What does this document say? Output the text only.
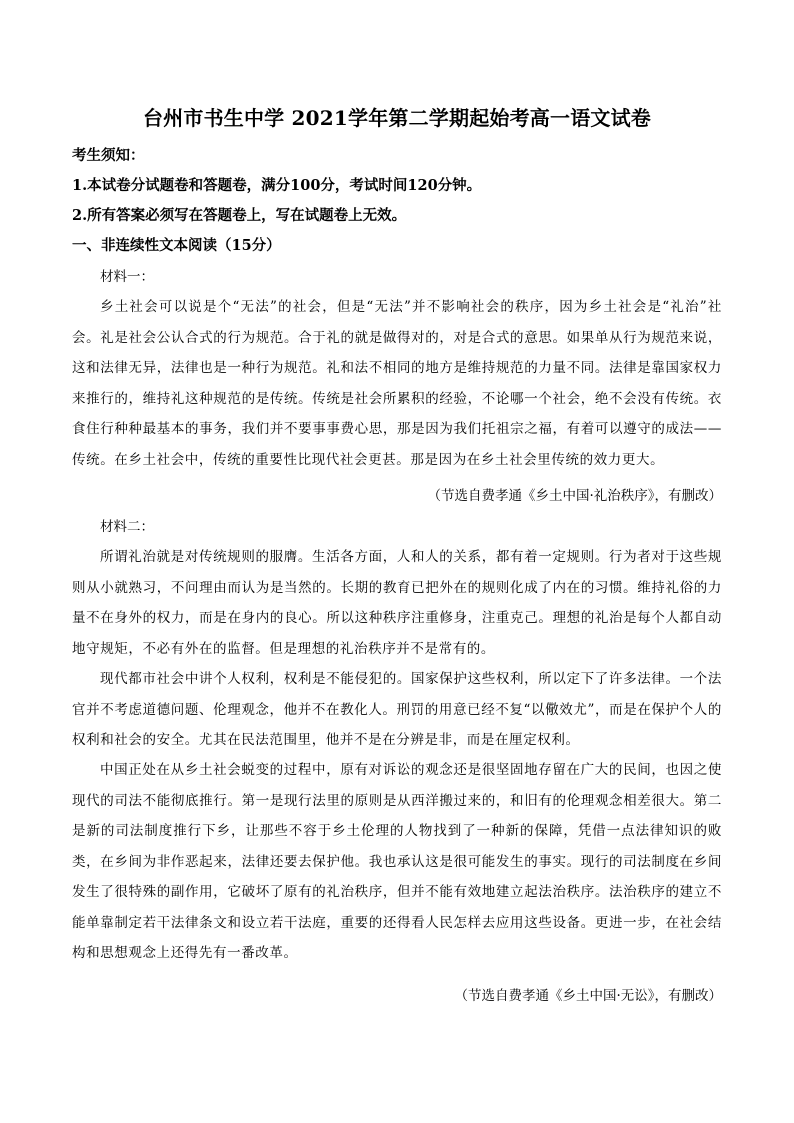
台州市书生中学 2021学年第二学期起始考高一语文试卷
考生须知：
1.本试卷分试题卷和答题卷，满分100分，考试时间120分钟。
2.所有答案必须写在答题卷上，写在试题卷上无效。
一、非连续性文本阅读（15分）
材料一：
乡土社会可以说是个“无法”的社会，但是“无法”并不影响社会的秩序，因为乡土社会是“礼治”社会。礼是社会公认合式的行为规范。合于礼的就是做得对的，对是合式的意思。如果单从行为规范来说，这和法律无异，法律也是一种行为规范。礼和法不相同的地方是维持规范的力量不同。法律是靠国家权力来推行的，维持礼这种规范的是传统。传统是社会所累积的经验，不论哪一个社会，绝不会没有传统。衣食住行种种最基本的事务，我们并不要事事费心思，那是因为我们托祖宗之福，有着可以遵守的成法——传统。在乡土社会中，传统的重要性比现代社会更甚。那是因为在乡土社会里传统的效力更大。
（节选自费孝通《乡土中国·礼治秩序》，有删改）
材料二：
所谓礼治就是对传统规则的服膺。生活各方面，人和人的关系，都有着一定规则。行为者对于这些规则从小就熟习，不问理由而认为是当然的。长期的教育已把外在的规则化成了内在的习惯。维持礼俗的力量不在身外的权力，而是在身内的良心。所以这种秩序注重修身，注重克己。理想的礼治是每个人都自动地守规矩，不必有外在的监督。但是理想的礼治秩序并不是常有的。
现代都市社会中讲个人权利，权利是不能侵犯的。国家保护这些权利，所以定下了许多法律。一个法官并不考虑道德问题、伦理观念，他并不在教化人。刑罚的用意已经不复“以儆效尤”，而是在保护个人的权利和社会的安全。尤其在民法范围里，他并不是在分辨是非，而是在厘定权利。
中国正处在从乡土社会蜕变的过程中，原有对诉讼的观念还是很坚固地存留在广大的民间，也因之使现代的司法不能彻底推行。第一是现行法里的原则是从西洋搬过来的，和旧有的伦理观念相差很大。第二是新的司法制度推行下乡，让那些不容于乡土伦理的人物找到了一种新的保障，凭借一点法律知识的败类，在乡间为非作恶起来，法律还要去保护他。我也承认这是很可能发生的事实。现行的司法制度在乡间发生了很特殊的副作用，它破坏了原有的礼治秩序，但并不能有效地建立起法治秩序。法治秩序的建立不能单靠制定若干法律条文和设立若干法庭，重要的还得看人民怎样去应用这些设备。更进一步，在社会结构和思想观念上还得先有一番改革。
（节选自费孝通《乡土中国·无讼》，有删改）
